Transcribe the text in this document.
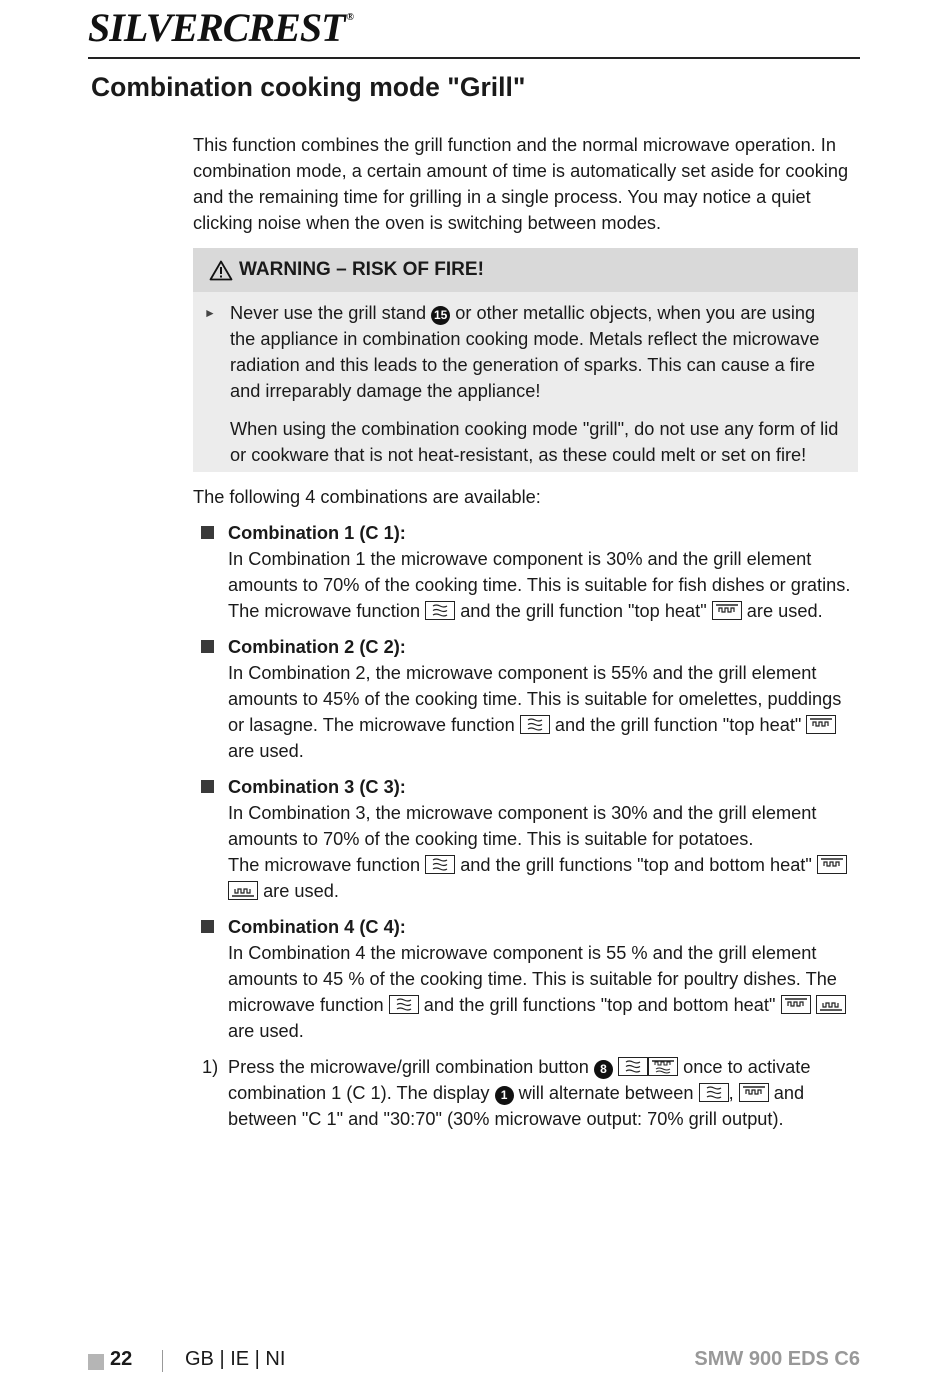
SILVERCREST ®
Combination cooking mode "Grill"

This function combines the grill function and the normal microwave operation. In combination mode, a certain amount of time is automatically set aside for cooking and the remaining time for grilling in a single process. You may notice a quiet clicking noise when the oven is switching between modes.

WARNING – RISK OF FIRE!
► Never use the grill stand 15 or other metallic objects, when you are using the appliance in combination cooking mode. Metals reflect the microwave radiation and this leads to the generation of sparks. This can cause a fire and irreparably damage the appliance!

When using the combination cooking mode "grill", do not use any form of lid or cookware that is not heat-resistant, as these could melt or set on fire!

The following 4 combinations are available:

Combination 1 (C 1):
In Combination 1 the microwave component is 30% and the grill element amounts to 70% of the cooking time. This is suitable for fish dishes or gratins. The microwave function and the grill function "top heat" are used.
Combination 2 (C 2):
In Combination 2, the microwave component is 55% and the grill element amounts to 45% of the cooking time. This is suitable for omelettes, puddings or lasagne. The microwave function and the grill function "top heat"
are used.
Combination 3 (C 3):
In Combination 3, the microwave component is 30% and the grill element amounts to 70% of the cooking time. This is suitable for potatoes.
The microwave function and the grill functions "top and bottom heat"

are used.
Combination 4 (C 4):
In Combination 4 the microwave component is 55 % and the grill element amounts to 45 % of the cooking time. This is suitable for poultry dishes. The microwave function and the grill functions "top and bottom heat"

are used.
1) Press the microwave/grill combination button 8	once to activate combination 1 (C 1). The display 1 will alternate between , and between "C 1" and "30:70" (30% microwave output: 70% grill output).
22	GB | IE | NI	SMW 900 EDS C6
